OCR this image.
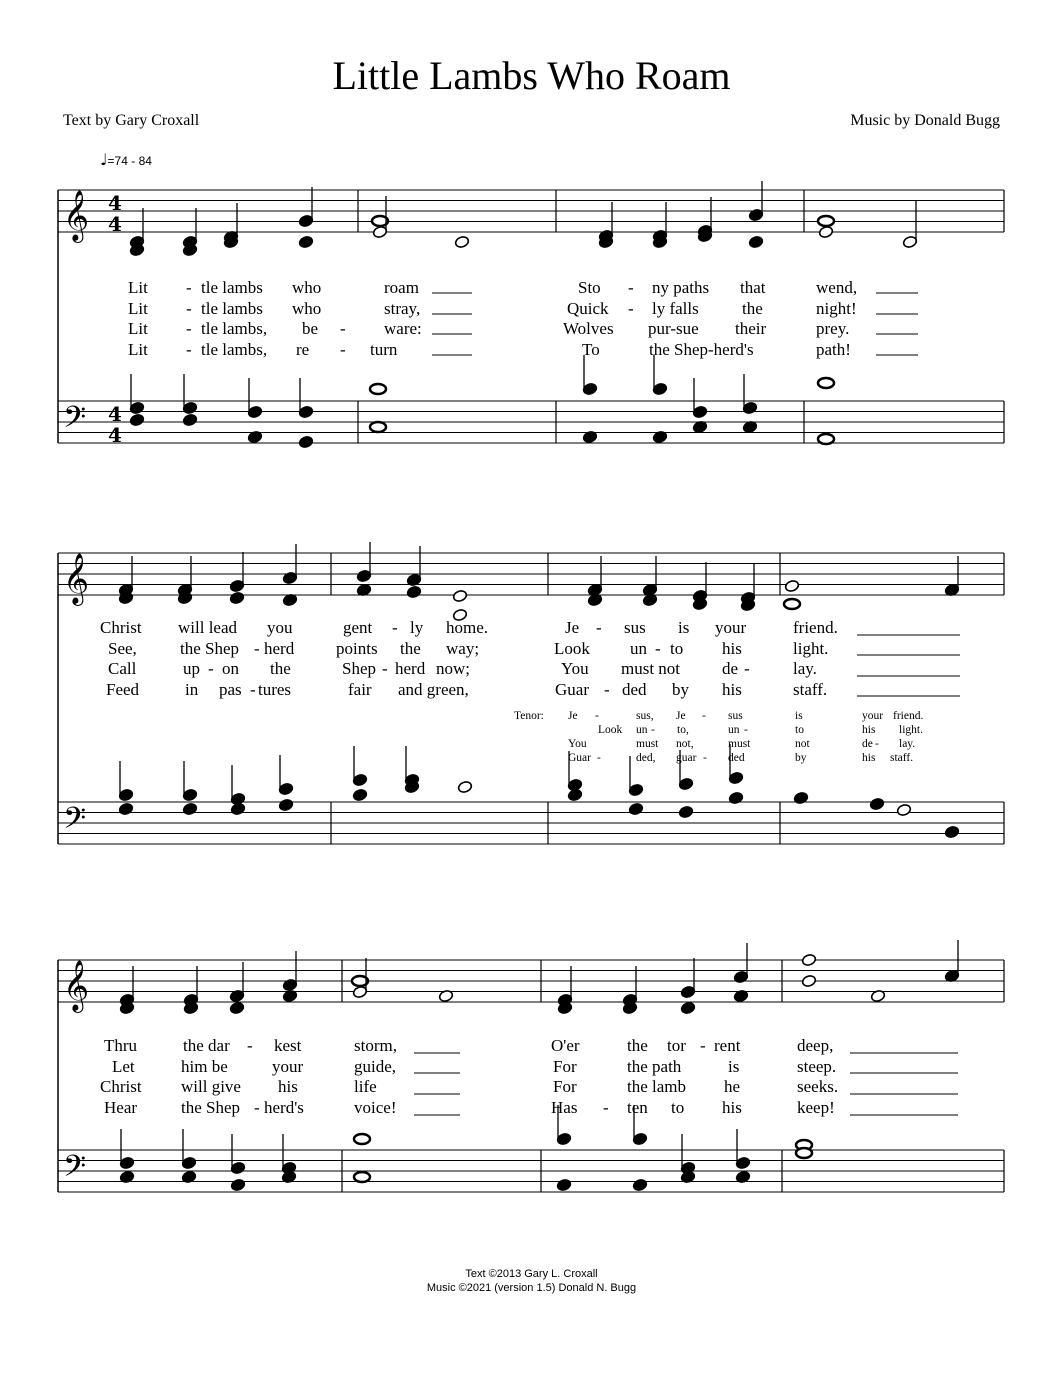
Little Lambs Who Roam
Text by Gary Croxall	Music by Donald Bugg
♩=74 - 84
𝄞
𝄢
4
4
4
4
𝄞
𝄢
𝄞
𝄢
Lit - tle lambs who	roam	Sto - ny paths that	wend,
Lit - tle lambs who	stray,	Quick - ly falls	the	night!
Lit - tle lambs, be - ware:	Wolves pur-sue their	prey.
Lit - tle lambs, re - turn	To	the Shep-herd's	path!
Christ will lead you	gent - ly home.	Je - sus is your	friend.
See,	the Shep - herd points the way;	Look un - to his	light.
Call	up - on the	Shep - herd now;	You must not de -	lay.
Feed	in pas - tures	fair and green,	Guar - ded by his	staff.
Tenor: Je -	sus, Je - sus	is	your friend.
Look un - to,	un -	to	his light.
You	must not,	must	not	de - lay.
Guar -	ded, guar - ded	by	his staff.
Thru	the dar - kest	storm,	O'er	the tor - rent	deep,
Let	him be	your	guide,	For	the path	is	steep.
Christ will give his	life	For	the lamb he	seeks.
Hear	the Shep - herd's	voice!	Has - ten to his	keep!
Text ©2013 Gary L. Croxall
Music ©2021 (version 1.5) Donald N. Bugg
